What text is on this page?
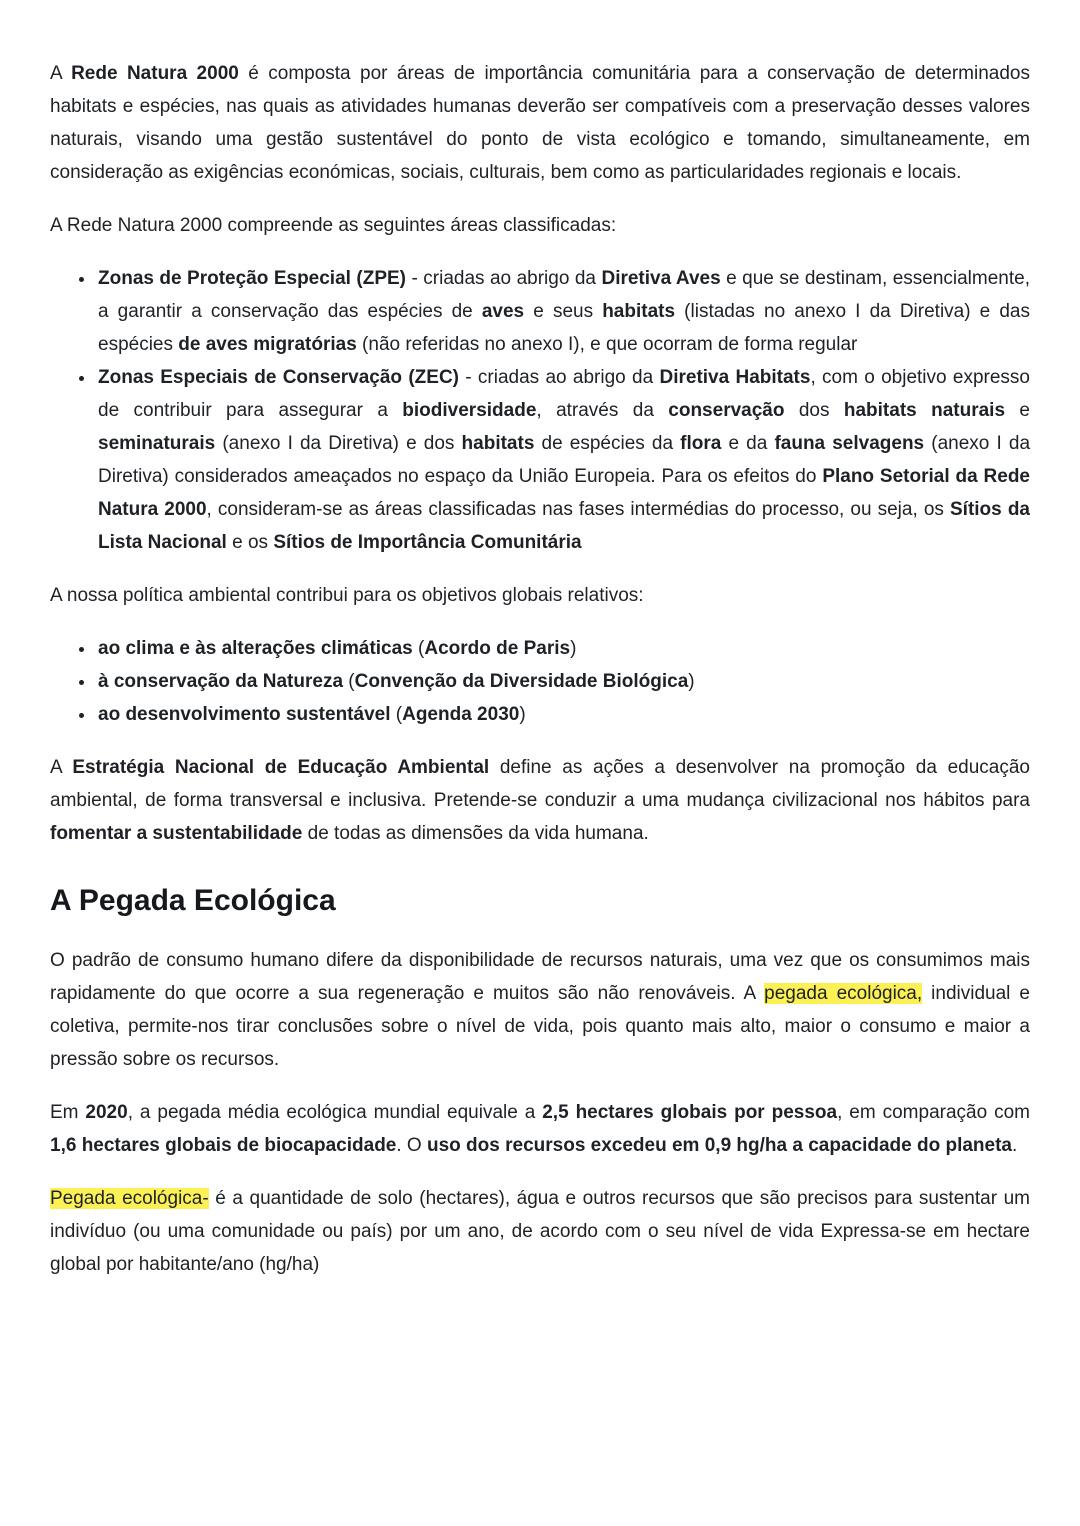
A Rede Natura 2000 é composta por áreas de importância comunitária para a conservação de determinados habitats e espécies, nas quais as atividades humanas deverão ser compatíveis com a preservação desses valores naturais, visando uma gestão sustentável do ponto de vista ecológico e tomando, simultaneamente, em consideração as exigências económicas, sociais, culturais, bem como as particularidades regionais e locais.

A Rede Natura 2000 compreende as seguintes áreas classificadas:

• Zonas de Proteção Especial (ZPE) - criadas ao abrigo da Diretiva Aves e que se destinam, essencialmente, a garantir a conservação das espécies de aves e seus habitats (listadas no anexo I da Diretiva) e das espécies de aves migratórias (não referidas no anexo I), e que ocorram de forma regular
• Zonas Especiais de Conservação (ZEC) - criadas ao abrigo da Diretiva Habitats, com o objetivo expresso de contribuir para assegurar a biodiversidade, através da conservação dos habitats naturais e seminaturais (anexo I da Diretiva) e dos habitats de espécies da flora e da fauna selvagens (anexo I da Diretiva) considerados ameaçados no espaço da União Europeia. Para os efeitos do Plano Setorial da Rede Natura 2000, consideram-se as áreas classificadas nas fases intermédias do processo, ou seja, os Sítios da Lista Nacional e os Sítios de Importância Comunitária

A nossa política ambiental contribui para os objetivos globais relativos:

• ao clima e às alterações climáticas (Acordo de Paris)
• à conservação da Natureza (Convenção da Diversidade Biológica)
• ao desenvolvimento sustentável (Agenda 2030)

A Estratégia Nacional de Educação Ambiental define as ações a desenvolver na promoção da educação ambiental, de forma transversal e inclusiva. Pretende-se conduzir a uma mudança civilizacional nos hábitos para fomentar a sustentabilidade de todas as dimensões da vida humana.

A Pegada Ecológica

O padrão de consumo humano difere da disponibilidade de recursos naturais, uma vez que os consumimos mais rapidamente do que ocorre a sua regeneração e muitos são não renováveis. A pegada ecológica, individual e coletiva, permite-nos tirar conclusões sobre o nível de vida, pois quanto mais alto, maior o consumo e maior a pressão sobre os recursos.

Em 2020, a pegada média ecológica mundial equivale a 2,5 hectares globais por pessoa, em comparação com 1,6 hectares globais de biocapacidade. O uso dos recursos excedeu em 0,9 hg/ha a capacidade do planeta.

Pegada ecológica- é a quantidade de solo (hectares), água e outros recursos que são precisos para sustentar um indivíduo (ou uma comunidade ou país) por um ano, de acordo com o seu nível de vida Expressa-se em hectare global por habitante/ano (hg/ha)
